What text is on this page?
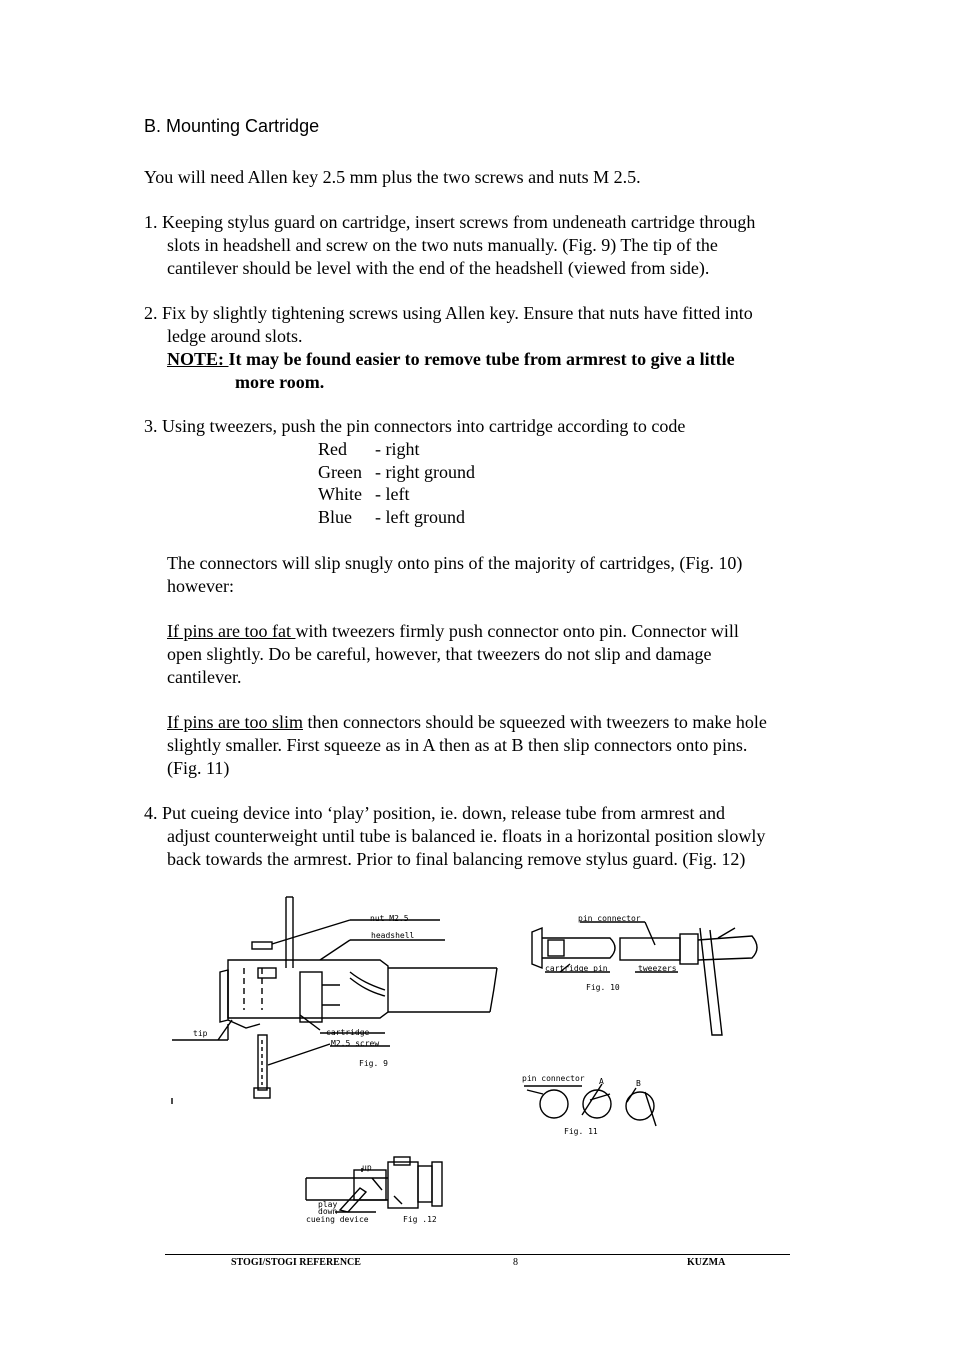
B. Mounting Cartridge
You will need Allen key 2.5 mm plus the two screws and nuts M 2.5.
1. Keeping stylus guard on cartridge, insert screws from undeneath cartridge through
slots in headshell and screw on the two nuts manually. (Fig. 9) The tip of the
cantilever should be level with the end of the headshell (viewed from side).
2. Fix by slightly tightening screws using Allen key. Ensure that nuts have fitted into
ledge around slots.
NOTE: It may be found easier to remove tube from armrest to give a little
more room.
3. Using tweezers, push the pin connectors into cartridge according to code
Red - right
Green - right ground
White - left
Blue - left ground
The connectors will slip snugly onto pins of the majority of cartridges, (Fig. 10)
however:
If pins are too fat with tweezers firmly push connector onto pin. Connector will
open slightly. Do be careful, however, that tweezers do not slip and damage
cantilever.
If pins are too slim then connectors should be squeezed with tweezers to make hole
slightly smaller. First squeeze as in A then as at B then slip connectors onto pins.
(Fig. 11)
4. Put cueing device into ‘play’ position, ie. down, release tube from armrest and
adjust counterweight until tube is balanced ie. floats in a horizontal position slowly
back towards the armrest. Prior to final balancing remove stylus guard. (Fig. 12)
nut M2.5
headshell
tip	cartridge
M2.5 screw
Fig. 9
pin connector
cartridge pin	tweezers
Fig. 10
pin connector A	B
Fig. 11
up
play
down
cueing device	Fig .12
STOGI/STOGI REFERENCE	8	KUZMA
